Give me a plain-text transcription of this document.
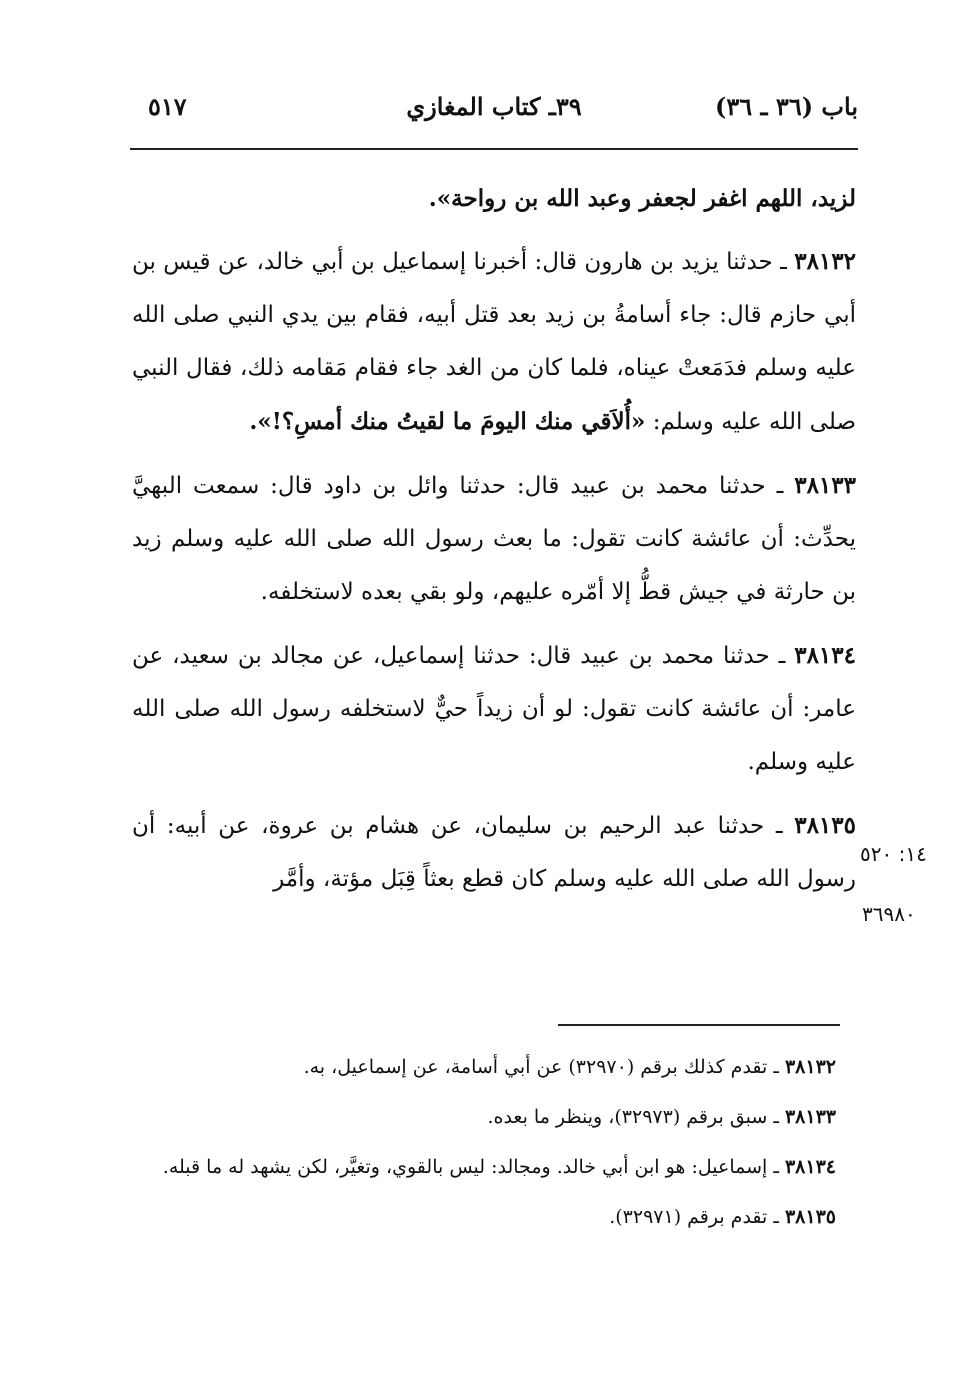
٥١٧	٣٩ـ كتاب المغازي	باب (٣٦ ـ ٣٦)

لزيد، اللهم اغفر لجعفر وعبد الله بن رواحة».

٣٨١٣٢ ـ حدثنا يزيد بن هارون قال: أخبرنا إسماعيل بن أبي خالد، عن قيس بن أبي حازم قال: جاء أسامةُ بن زيد بعد قتل أبيه، فقام بين يدي النبي صلى الله عليه وسلم فدَمَعتْ عيناه، فلما كان من الغد جاء فقام مَقامه ذلك، فقال النبي صلى الله عليه وسلم: «أُلاَقي منك اليومَ ما لقيتُ منك أمسِ؟!».

٣٨١٣٣ ـ حدثنا محمد بن عبيد قال: حدثنا وائل بن داود قال: سمعت البهيَّ يحدِّث: أن عائشة كانت تقول: ما بعث رسول الله صلى الله عليه وسلم زيد بن حارثة في جيش قطُّ إلا أمّره عليهم، ولو بقي بعده لاستخلفه.

٣٨١٣٤ ـ حدثنا محمد بن عبيد قال: حدثنا إسماعيل، عن مجالد بن سعيد، عن عامر: أن عائشة كانت تقول: لو أن زيداً حيٌّ لاستخلفه رسول الله صلى الله عليه وسلم.

٣٨١٣٥ ـ حدثنا عبد الرحيم بن سليمان، عن هشام بن عروة، عن أبيه: أن رسول الله صلى الله عليه وسلم كان قطع بعثاً قِبَل مؤتة، وأمَّر

١٤: ٥٢٠
٣٦٩٨٠

٣٨١٣٢ ـ تقدم كذلك برقم (٣٢٩٧٠) عن أبي أسامة، عن إسماعيل، به.

٣٨١٣٣ ـ سبق برقم (٣٢٩٧٣)، وينظر ما بعده.

٣٨١٣٤ ـ إسماعيل: هو ابن أبي خالد. ومجالد: ليس بالقوي، وتغيَّر، لكن يشهد له ما قبله.

٣٨١٣٥ ـ تقدم برقم (٣٢٩٧١).
